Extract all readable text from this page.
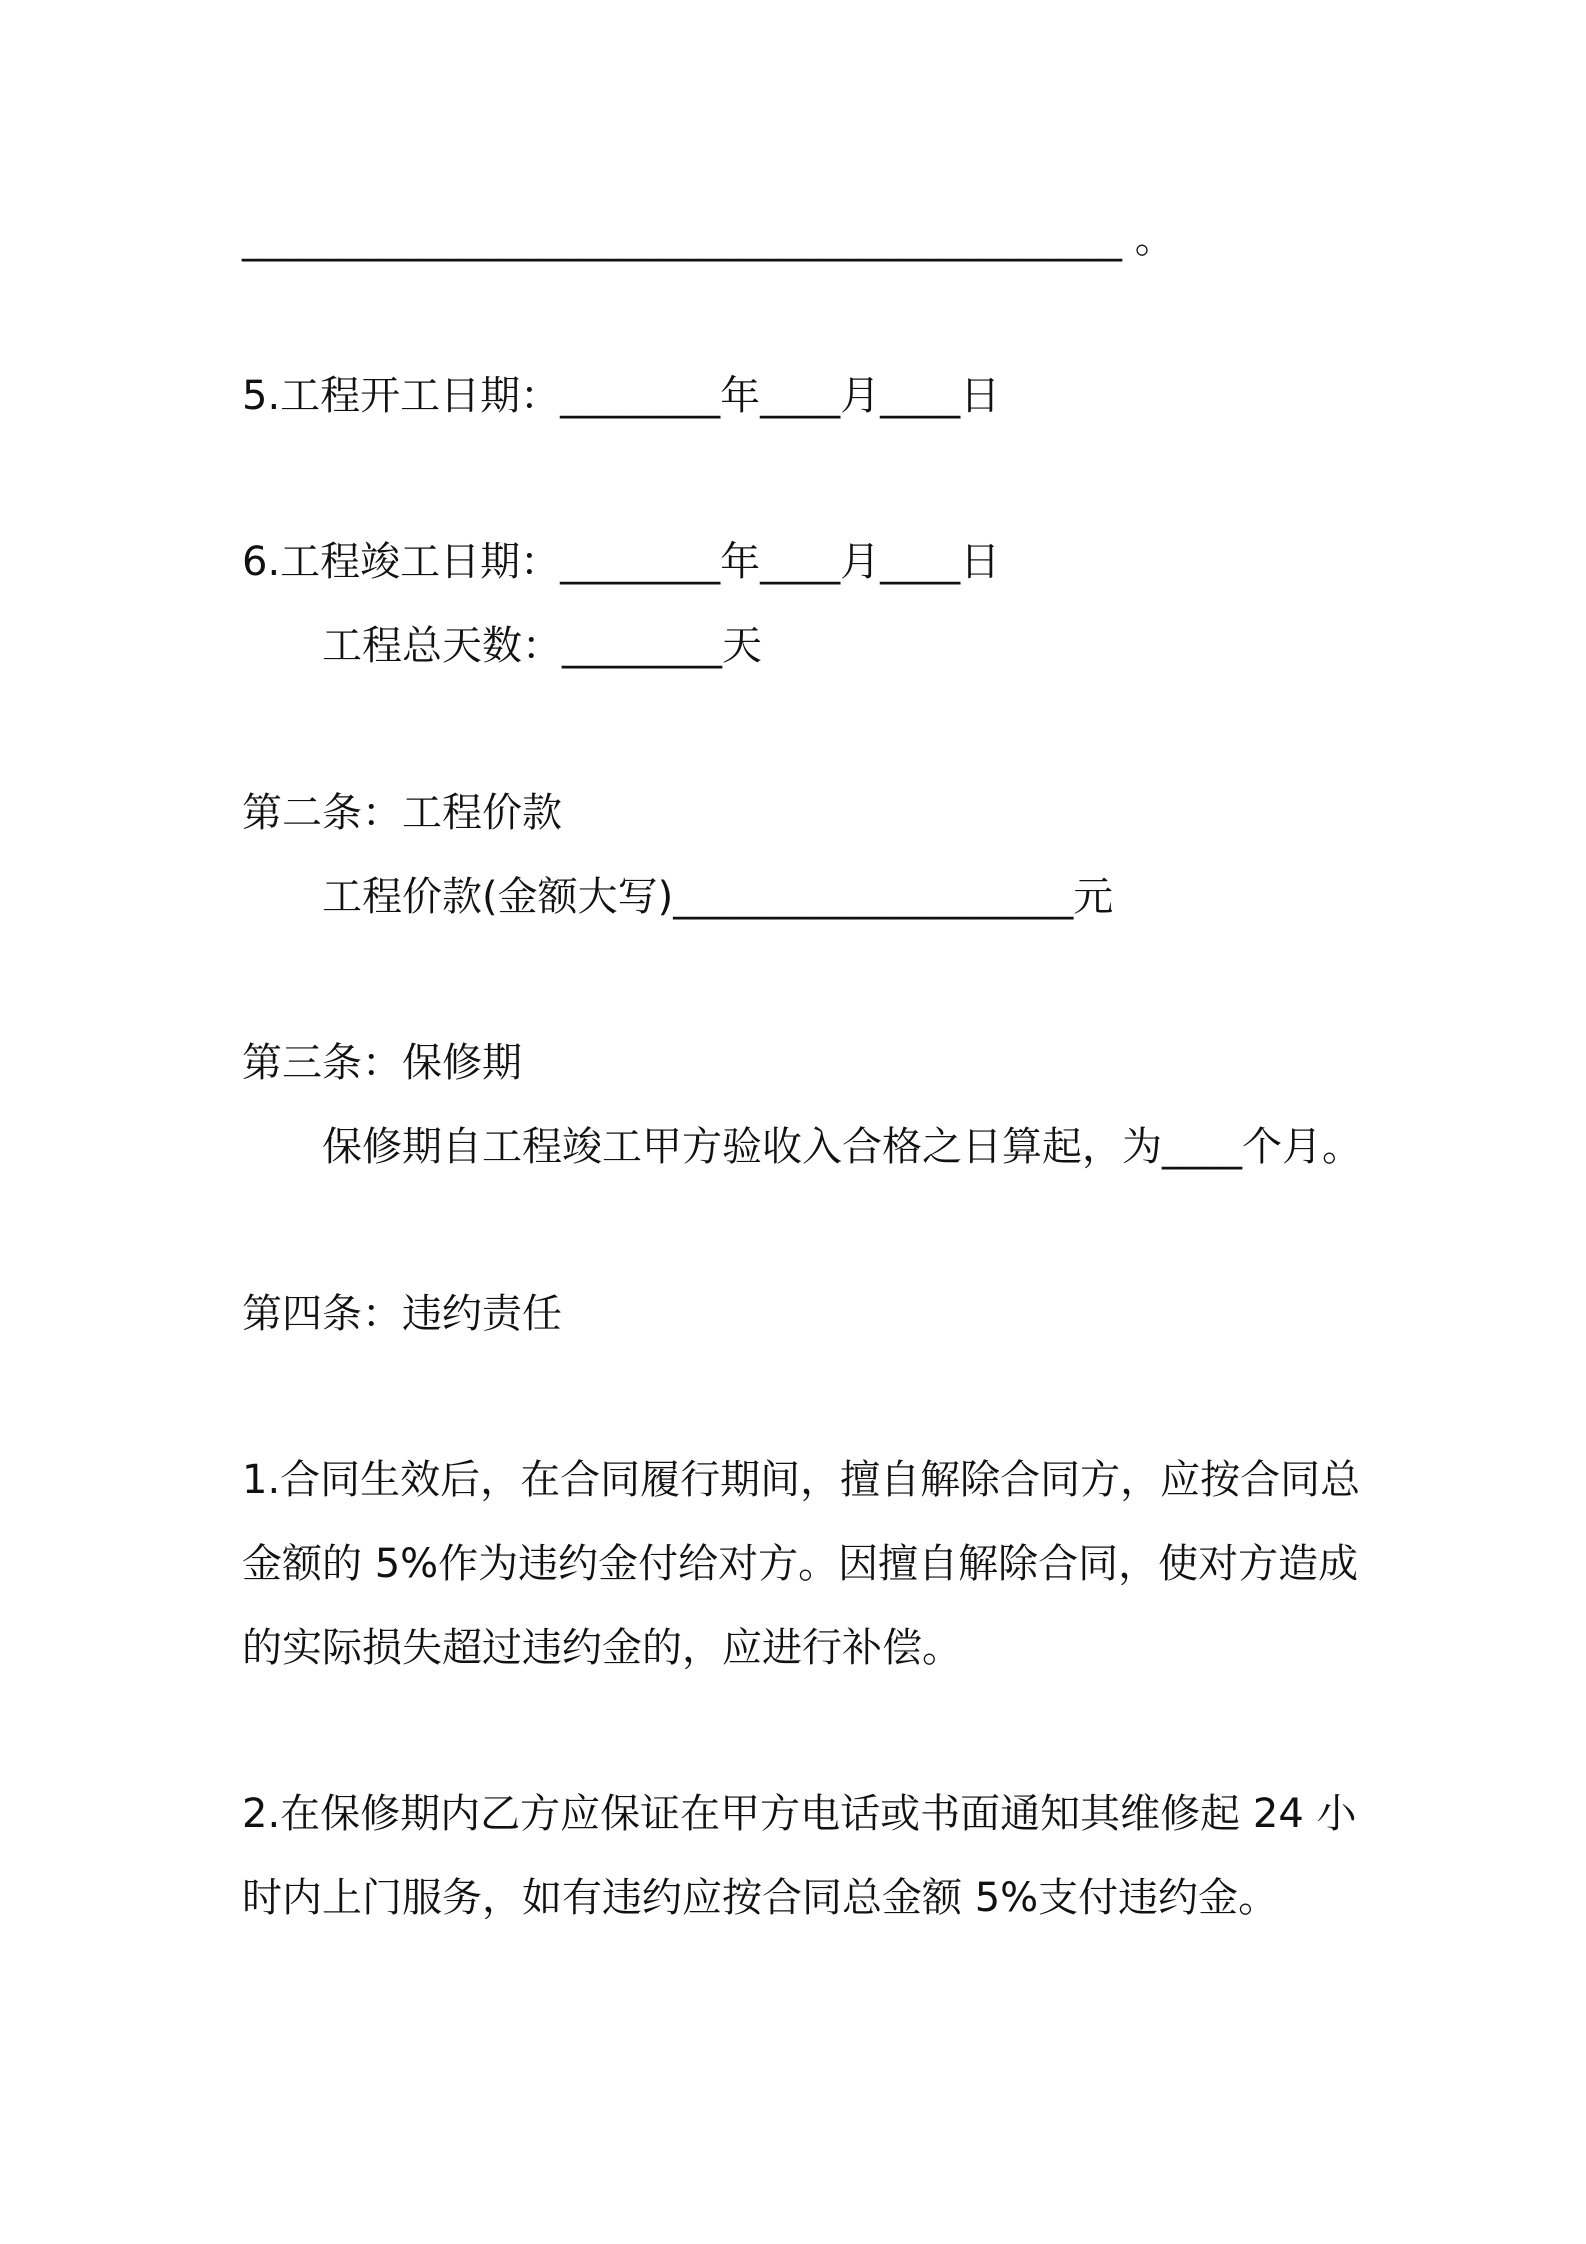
____________________________________________ 。
5.工程开工日期：________年____月____日
6.工程竣工日期：________年____月____日
工程总天数：________天
第二条：工程价款
工程价款(金额大写)____________________元
第三条：保修期
保修期自工程竣工甲方验收入合格之日算起，为____个月。
第四条：违约责任
1.合同生效后，在合同履行期间，擅自解除合同方，应按合同总
金额的 5%作为违约金付给对方。因擅自解除合同，使对方造成
的实际损失超过违约金的，应进行补偿。
2.在保修期内乙方应保证在甲方电话或书面通知其维修起 24 小
时内上门服务，如有违约应按合同总金额 5%支付违约金。
